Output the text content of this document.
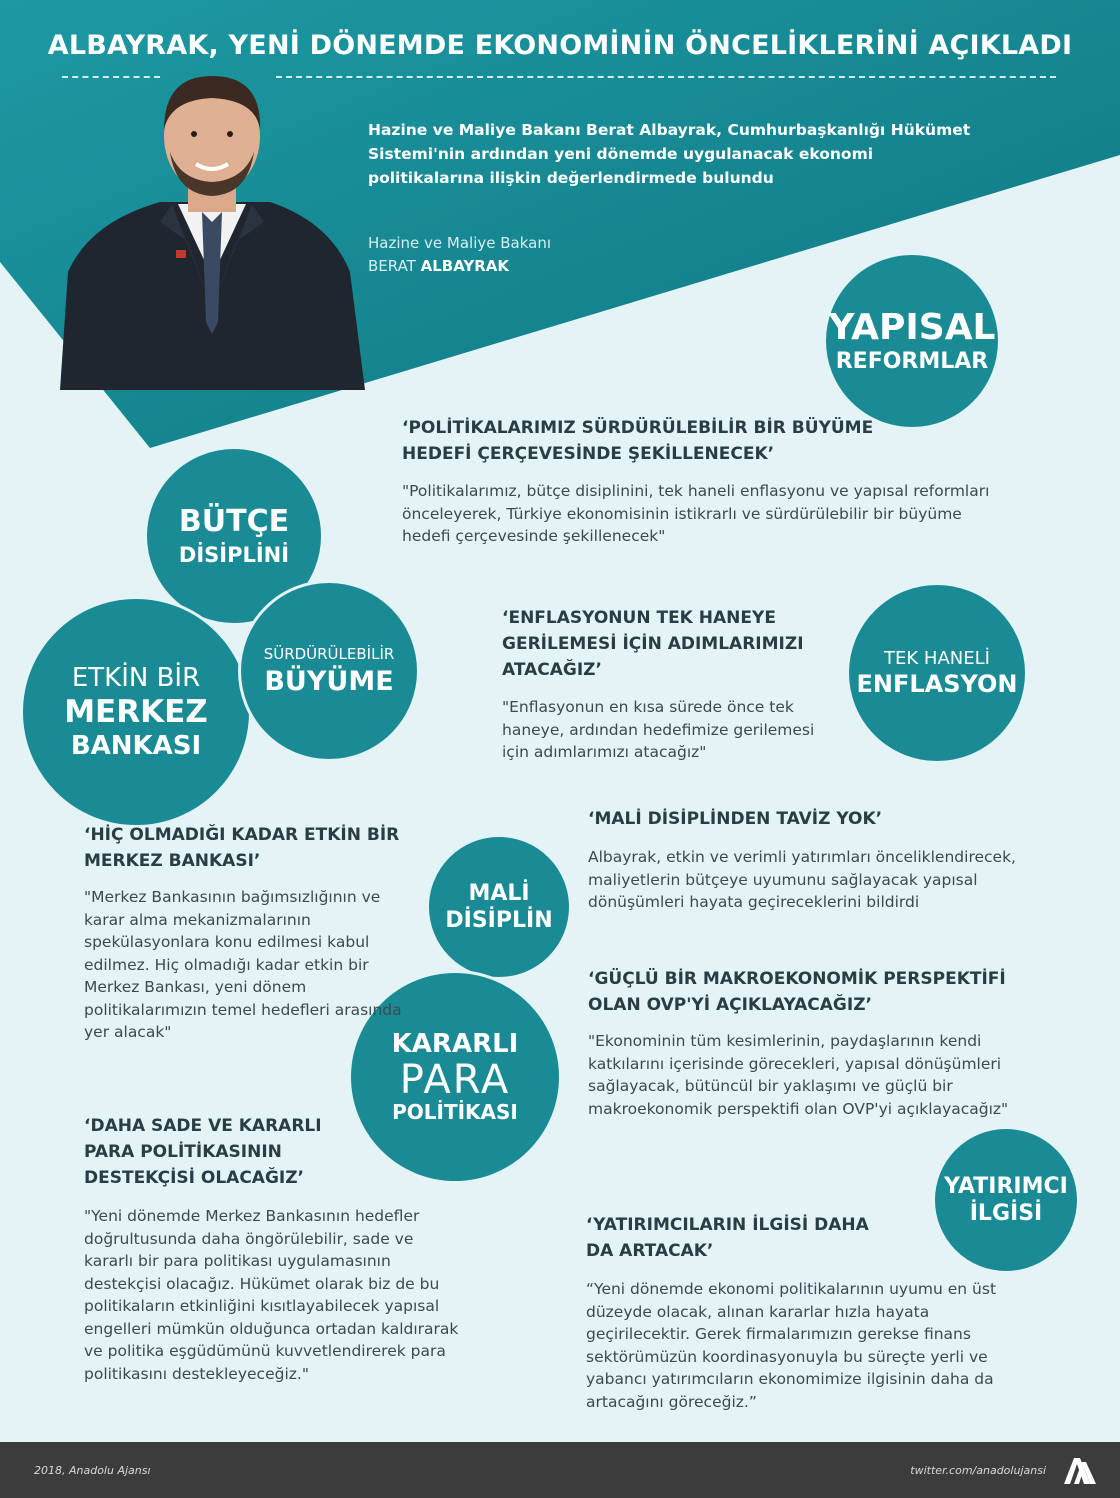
ALBAYRAK, YENİ DÖNEMDE EKONOMİNİN ÖNCELİKLERİNİ AÇIKLADI
Hazine ve Maliye Bakanı Berat Albayrak, Cumhurbaşkanlığı Hükümet Sistemi'nin ardından yeni dönemde uygulanacak ekonomi politikalarına ilişkin değerlendirmede bulundu
Hazine ve Maliye Bakanı
BERAT ALBAYRAK
YAPISAL
REFORMLAR
BÜTÇE
DİSİPLİNİ
ETKİN BİR
MERKEZ
BANKASI
SÜRDÜRÜLEBİLİR
BÜYÜME
TEK HANELİ
ENFLASYON
MALİ
DİSİPLİN
KARARLI
PARA
POLİTİKASI
YATIRIMCI
İLGİSİ
‘POLİTİKALARIMIZ SÜRDÜRÜLEBİLİR BİR BÜYÜME HEDEFİ ÇERÇEVESİNDE ŞEKİLLENECEK’
"Politikalarımız, bütçe disiplinini, tek haneli enflasyonu ve yapısal reformları önceleyerek, Türkiye ekonomisinin istikrarlı ve sürdürülebilir bir büyüme hedefi çerçevesinde şekillenecek"
‘ENFLASYONUN TEK HANEYE GERİLEMESİ İÇİN ADIMLARIMIZI ATACAĞIZ’
"Enflasyonun en kısa sürede önce tek haneye, ardından hedefimize gerilemesi için adımlarımızı atacağız"
‘HİÇ OLMADIĞI KADAR ETKİN BİR MERKEZ BANKASI’
"Merkez Bankasının bağımsızlığının ve karar alma mekanizmalarının spekülasyonlara konu edilmesi kabul edilmez. Hiç olmadığı kadar etkin bir Merkez Bankası, yeni dönem politikalarımızın temel hedefleri arasında yer alacak"
‘MALİ DİSİPLİNDEN TAVİZ YOK’
Albayrak, etkin ve verimli yatırımları önceliklendirecek, maliyetlerin bütçeye uyumunu sağlayacak yapısal dönüşümleri hayata geçireceklerini bildirdi
‘GÜÇLÜ BİR MAKROEKONOMİK PERSPEKTİFİ OLAN OVP'Yİ AÇIKLAYACAĞIZ’
"Ekonominin tüm kesimlerinin, paydaşlarının kendi katkılarını içerisinde görecekleri, yapısal dönüşümleri sağlayacak, bütüncül bir yaklaşımı ve güçlü bir makroekonomik perspektifi olan OVP'yi açıklayacağız"
‘DAHA SADE VE KARARLI PARA POLİTİKASININ DESTEKÇİSİ OLACAĞIZ’
"Yeni dönemde Merkez Bankasının hedefler doğrultusunda daha öngörülebilir, sade ve kararlı bir para politikası uygulamasının destekçisi olacağız. Hükümet olarak biz de bu politikaların etkinliğini kısıtlayabilecek yapısal engelleri mümkün olduğunca ortadan kaldırarak ve politika eşgüdümünü kuvvetlendirerek para politikasını destekleyeceğiz."
‘YATIRIMCILARIN İLGİSİ DAHA DA ARTACAK’
“Yeni dönemde ekonomi politikalarının uyumu en üst düzeyde olacak, alınan kararlar hızla hayata geçirilecektir. Gerek firmalarımızın gerekse finans sektörümüzün koordinasyonuyla bu süreçte yerli ve yabancı yatırımcıların ekonomimize ilgisinin daha da artacağını göreceğiz.”
2018, Anadolu Ajansı	twitter.com/anadolujansi
